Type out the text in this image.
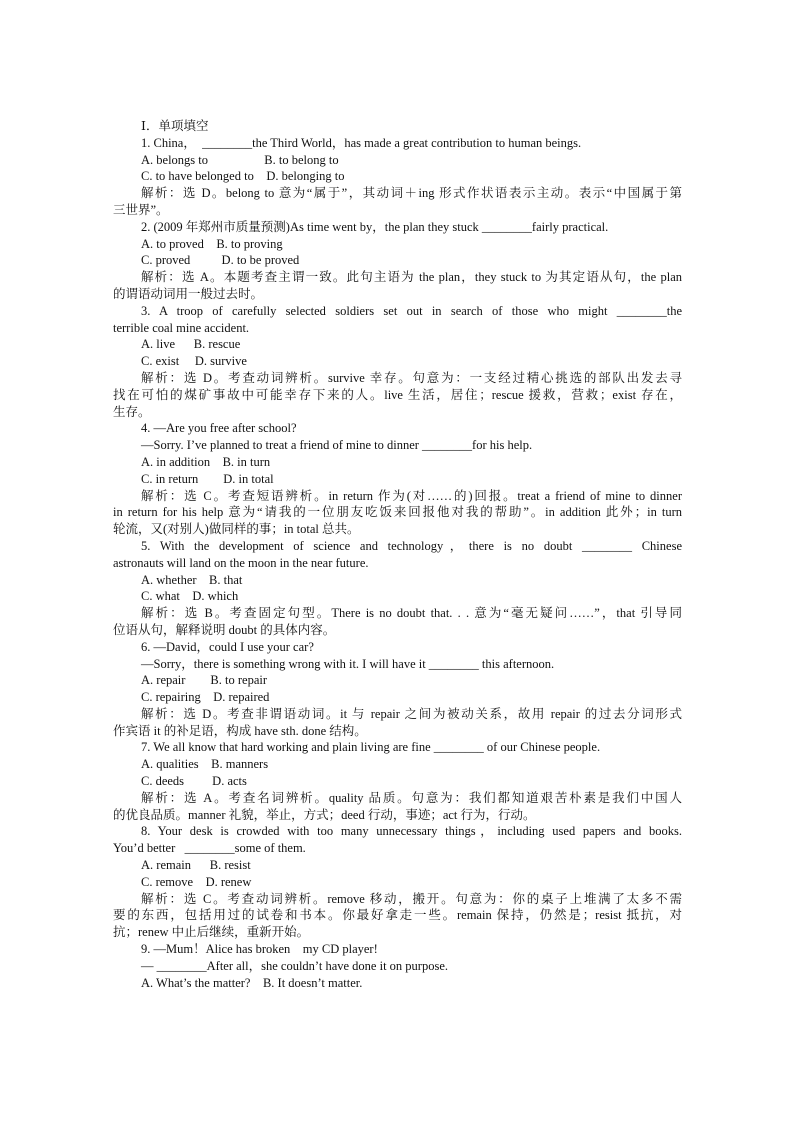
Ⅰ．单项填空
1. China，  ________the Third World，has made a great contribution to human beings.
A. belongs to                  B. to belong to
C. to have belonged to    D. belonging to
解析：选 D。belong to 意为“属于”，其动词＋ing 形式作状语表示主动。表示“中国属于第
三世界”。
2. (2009 年郑州市质量预测)As time went by，the plan they stuck ________fairly practical.
A. to proved    B. to proving
C. proved          D. to be proved
解析：选 A。本题考查主谓一致。此句主语为 the plan，they stuck to 为其定语从句，the plan
的谓语动词用一般过去时。
3. A troop of carefully selected soldiers set out in search of those who might ________the
terrible coal mine accident.
A. live      B. rescue
C. exist     D. survive
解析：选 D。考查动词辨析。survive 幸存。句意为：一支经过精心挑选的部队出发去寻
找在可怕的煤矿事故中可能幸存下来的人。live 生活，居住；rescue 援救，营救；exist 存在，
生存。
4. —Are you free after school?
—Sorry. I’ve planned to treat a friend of mine to dinner ________for his help.
A. in addition    B. in turn
C. in return        D. in total
解析：选 C。考查短语辨析。in return 作为(对……的)回报。treat a friend of mine to dinner
in return for his help 意为“请我的一位朋友吃饭来回报他对我的帮助”。in addition 此外；in turn
轮流，又(对别人)做同样的事；in total 总共。
5. With the development of science and technology，there is no doubt ________ Chinese
astronauts will land on the moon in the near future.
A. whether    B. that
C. what    D. which
解析：选 B。考查固定句型。There is no doubt that. . . 意为“毫无疑问……”，that 引导同
位语从句，解释说明 doubt 的具体内容。
6. —David，could I use your car?
—Sorry，there is something wrong with it. I will have it ________ this afternoon.
A. repair        B. to repair
C. repairing    D. repaired
解析：选 D。考查非谓语动词。it 与 repair 之间为被动关系，故用 repair 的过去分词形式
作宾语 it 的补足语，构成 have sth. done 结构。
7. We all know that hard working and plain living are fine ________ of our Chinese people.
A. qualities    B. manners
C. deeds         D. acts
解析：选 A。考查名词辨析。quality 品质。句意为：我们都知道艰苦朴素是我们中国人
的优良品质。manner 礼貌，举止，方式；deed 行动，事迹；act 行为，行动。
8. Your desk is crowded with too many unnecessary things，including used papers and books.
You’d better   ________some of them.
A. remain      B. resist
C. remove    D. renew
解析：选 C。考查动词辨析。remove 移动，搬开。句意为：你的桌子上堆满了太多不需
要的东西，包括用过的试卷和书本。你最好拿走一些。remain 保持，仍然是；resist 抵抗，对
抗；renew 中止后继续，重新开始。
9. —Mum！Alice has broken    my CD player!
— ________After all，she couldn’t have done it on purpose.
A. What’s the matter?    B. It doesn’t matter.
